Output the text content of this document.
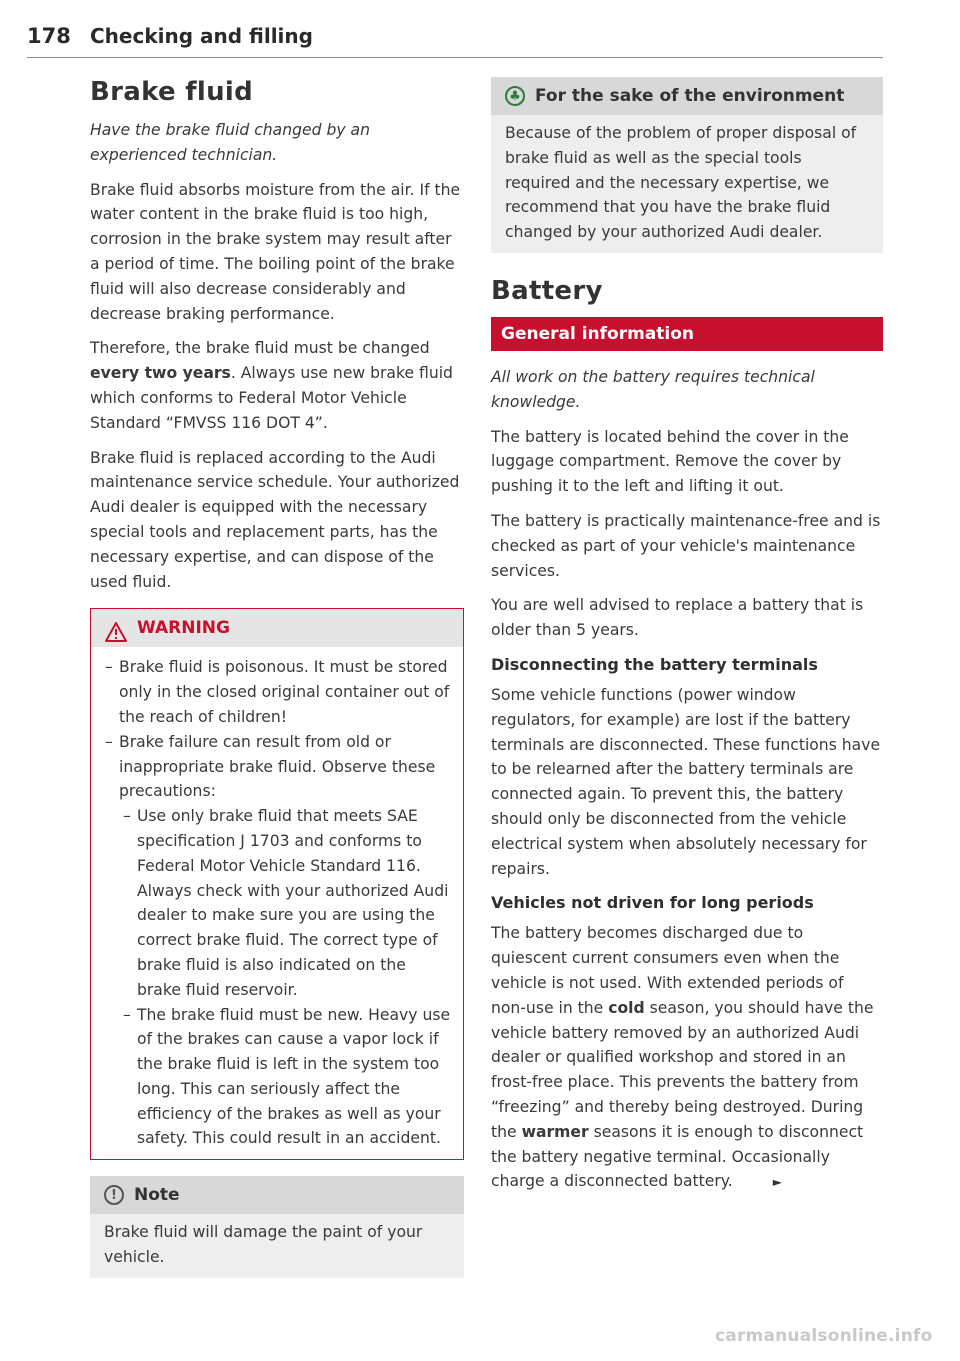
178 Checking and filling
Brake fluid

Have the brake fluid changed by an experienced technician.

Brake fluid absorbs moisture from the air. If the water content in the brake fluid is too high, corrosion in the brake system may result after a period of time. The boiling point of the brake fluid will also decrease considerably and decrease braking performance.

Therefore, the brake fluid must be changed every two years. Always use new brake fluid which conforms to Federal Motor Vehicle Standard “FMVSS 116 DOT 4”.

Brake fluid is replaced according to the Audi maintenance service schedule. Your authorized Audi dealer is equipped with the necessary special tools and replacement parts, has the necessary expertise, and can dispose of the used fluid.

WARNING
– Brake fluid is poisonous. It must be stored only in the closed original container out of the reach of children!
– Brake failure can result from old or inappropriate brake fluid. Observe these precautions:
– Use only brake fluid that meets SAE specification J 1703 and conforms to Federal Motor Vehicle Standard 116. Always check with your authorized Audi dealer to make sure you are using the correct brake fluid. The correct type of brake fluid is also indicated on the brake fluid reservoir.
– The brake fluid must be new. Heavy use of the brakes can cause a vapor lock if the brake fluid is left in the system too long. This can seriously affect the efficiency of the brakes as well as your safety. This could result in an accident.
! Note

Brake fluid will damage the paint of your vehicle.

♣ For the sake of the environment

Because of the problem of proper disposal of brake fluid as well as the special tools required and the necessary expertise, we recommend that you have the brake fluid changed by your authorized Audi dealer.

Battery
General information

All work on the battery requires technical knowledge.

The battery is located behind the cover in the luggage compartment. Remove the cover by pushing it to the left and lifting it out.

The battery is practically maintenance-free and is checked as part of your vehicle's maintenance services.

You are well advised to replace a battery that is older than 5 years.

Disconnecting the battery terminals

Some vehicle functions (power window regulators, for example) are lost if the battery terminals are disconnected. These functions have to be relearned after the battery terminals are connected again. To prevent this, the battery should only be disconnected from the vehicle electrical system when absolutely necessary for repairs.

Vehicles not driven for long periods

The battery becomes discharged due to quiescent current consumers even when the vehicle is not used. With extended periods of non-use in the cold season, you should have the vehicle battery removed by an authorized Audi dealer or qualified workshop and stored in an frost-free place. This prevents the battery from “freezing” and thereby being destroyed. During the warmer seasons it is enough to disconnect the battery negative terminal. Occasionally charge a disconnected battery.	►

carmanualsonline.info
